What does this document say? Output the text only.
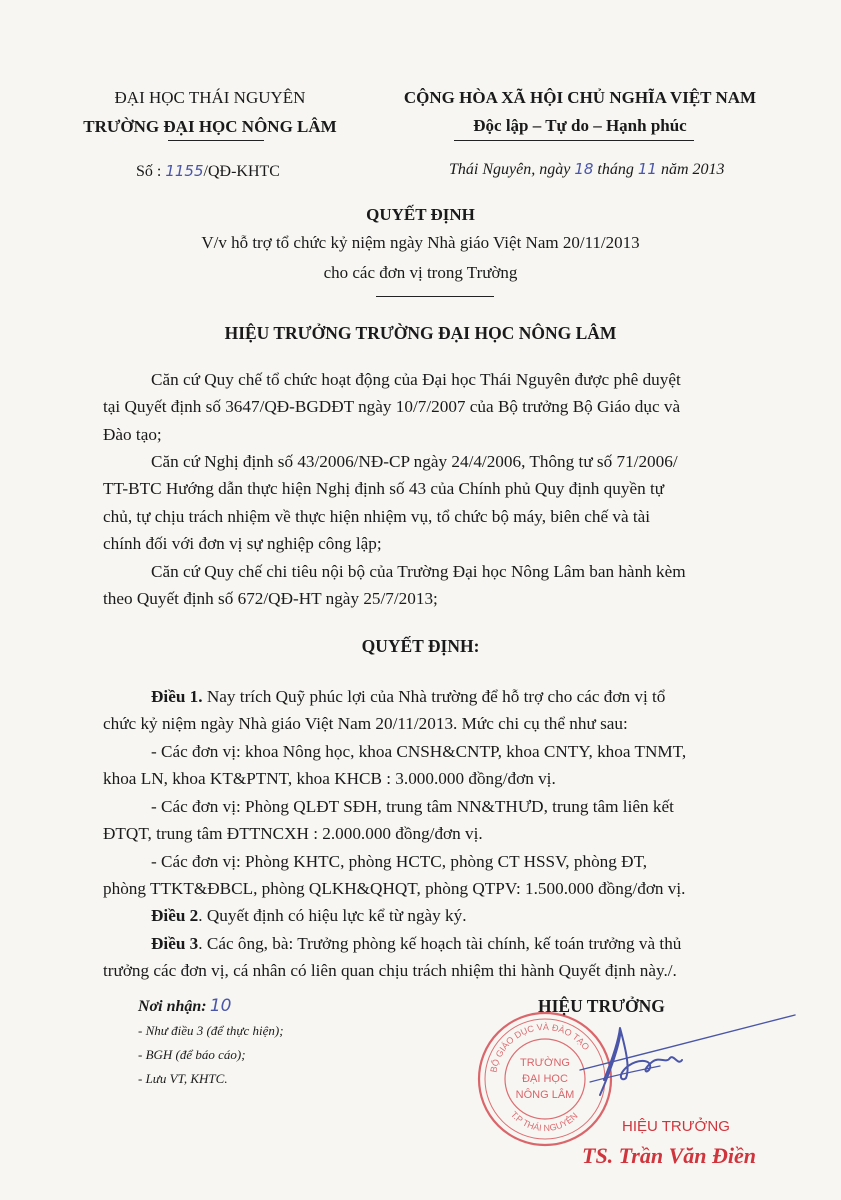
ĐẠI HỌC THÁI NGUYÊN
TRƯỜNG ĐẠI HỌC NÔNG LÂM
CỘNG HÒA XÃ HỘI CHỦ NGHĨA VIỆT NAM
Độc lập – Tự do – Hạnh phúc
Số : 1155/QĐ-KHTC	Thái Nguyên, ngày 18 tháng 11 năm 2013
QUYẾT ĐỊNH
V/v hỗ trợ tổ chức kỷ niệm ngày Nhà giáo Việt Nam 20/11/2013
cho các đơn vị trong Trường
HIỆU TRƯỞNG TRƯỜNG ĐẠI HỌC NÔNG LÂM
Căn cứ Quy chế tổ chức hoạt động của Đại học Thái Nguyên được phê duyệt
tại Quyết định số 3647/QĐ-BGDĐT ngày 10/7/2007 của Bộ trưởng Bộ Giáo dục và
Đào tạo;
Căn cứ Nghị định số 43/2006/NĐ-CP ngày 24/4/2006, Thông tư số 71/2006/
TT-BTC Hướng dẫn thực hiện Nghị định số 43 của Chính phủ Quy định quyền tự
chủ, tự chịu trách nhiệm về thực hiện nhiệm vụ, tổ chức bộ máy, biên chế và tài
chính đối với đơn vị sự nghiệp công lập;
Căn cứ Quy chế chi tiêu nội bộ của Trường Đại học Nông Lâm ban hành kèm
theo Quyết định số 672/QĐ-HT ngày 25/7/2013;
QUYẾT ĐỊNH:
Điều 1. Nay trích Quỹ phúc lợi của Nhà trường để hỗ trợ cho các đơn vị tổ
chức kỷ niệm ngày Nhà giáo Việt Nam 20/11/2013. Mức chi cụ thể như sau:
- Các đơn vị: khoa Nông học, khoa CNSH&CNTP, khoa CNTY, khoa TNMT,
khoa LN, khoa KT&PTNT, khoa KHCB : 3.000.000 đồng/đơn vị.
- Các đơn vị: Phòng QLĐT SĐH, trung tâm NN&THƯD, trung tâm liên kết
ĐTQT, trung tâm ĐTTNCXH : 2.000.000 đồng/đơn vị.
- Các đơn vị: Phòng KHTC, phòng HCTC, phòng CT HSSV, phòng ĐT,
phòng TTKT&ĐBCL, phòng QLKH&QHQT, phòng QTPV: 1.500.000 đồng/đơn vị.
Điều 2. Quyết định có hiệu lực kể từ ngày ký.
Điều 3. Các ông, bà: Trưởng phòng kế hoạch tài chính, kế toán trưởng và thủ
trưởng các đơn vị, cá nhân có liên quan chịu trách nhiệm thi hành Quyết định này./.
Nơi nhận: 10
- Như điều 3 (để thực hiện);
- BGH (để báo cáo);
- Lưu VT, KHTC.
HIỆU TRƯỞNG
BỘ GIÁO DỤC VÀ ĐÀO TẠO
T.P THÁI NGUYÊN
TRƯỜNG
ĐẠI HỌC
NÔNG LÂM
HIỆU TRƯỞNG
TS. Trần Văn Điền
